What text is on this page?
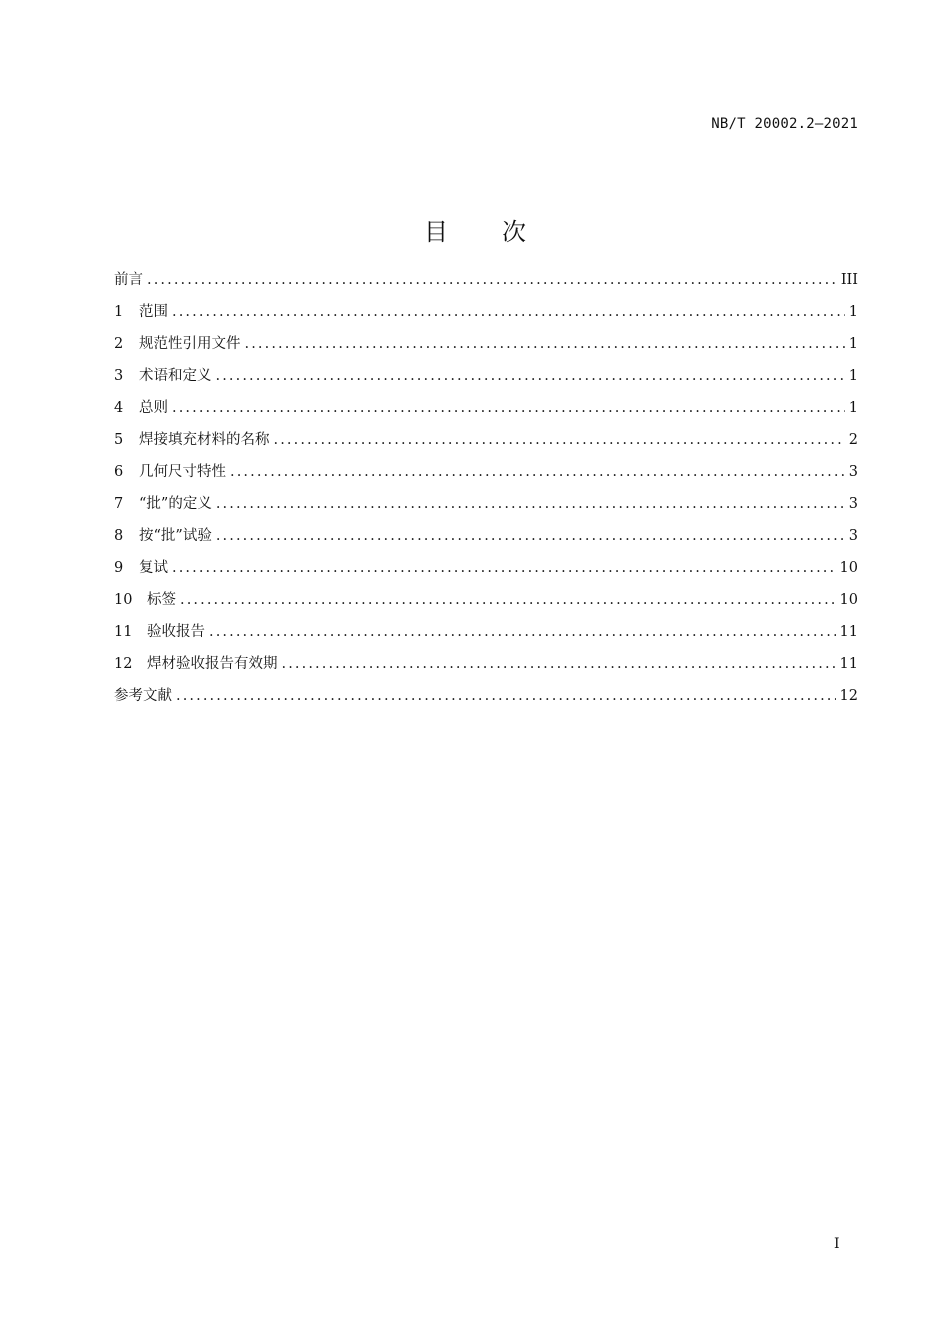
NB/T 20002.2—2021
目 次
前言 .....	III
1	范围 .....	1
2	规范性引用文件 .....	1
3	术语和定义 .....	1
4	总则 .....	1
5	焊接填充材料的名称 .....	2
6	几何尺寸特性 .....	3
7	“批”的定义 .....	3
8	按“批”试验 .....	3
9	复试 .....	10
10	标签 .....	10
11	验收报告 .....	11
12	焊材验收报告有效期 .....	11
参考文献 .....	12
I
